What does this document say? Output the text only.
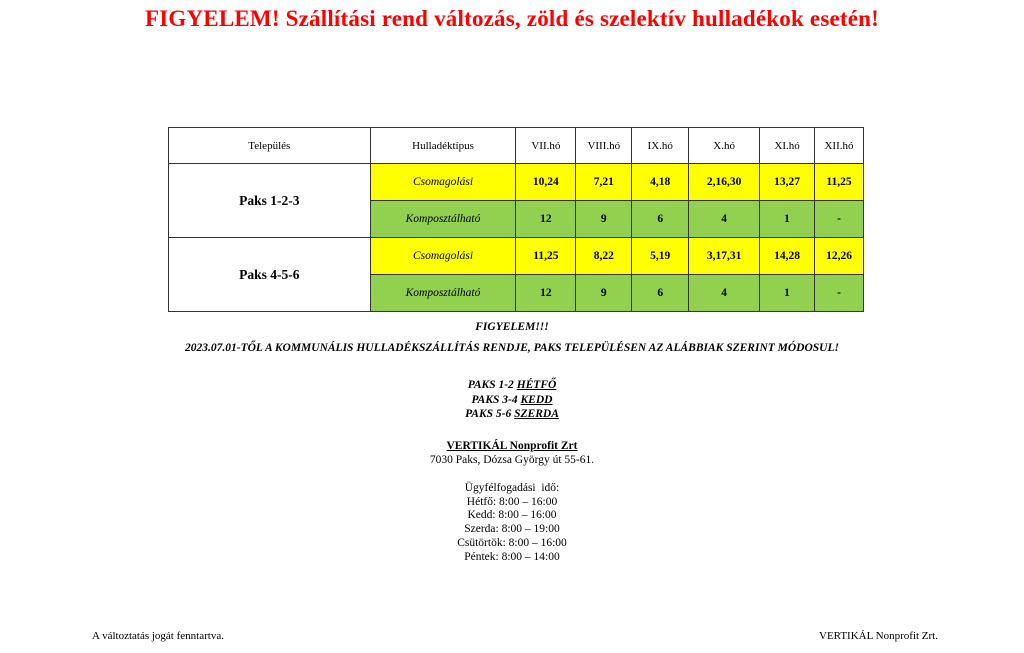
FIGYELEM! Szállítási rend változás, zöld és szelektív hulladékok esetén!
Település	Hulladéktípus	VII.hó	VIII.hó	IX.hó	X.hó	XI.hó	XII.hó
Paks 1-2-3	Csomagolási	10,24	7,21	4,18	2,16,30	13,27	11,25
	Komposztálható	12	9	6	4	1	-
Paks 4-5-6	Csomagolási	11,25	8,22	5,19	3,17,31	14,28	12,26
	Komposztálható	12	9	6	4	1	-
FIGYELEM!!!
2023.07.01-TŐL A KOMMUNÁLIS HULLADÉKSZÁLLÍTÁS RENDJE, PAKS TELEPÜLÉSEN AZ ALÁBBIAK SZERINT MÓDOSUL!
PAKS 1-2 HÉTFŐ
PAKS 3-4 KEDD
PAKS 5-6 SZERDA
VERTIKÁL Nonprofit Zrt
7030 Paks, Dózsa György út 55-61.
Ügyfélfogadási  idő:
Hétfő: 8:00 – 16:00
Kedd: 8:00 – 16:00
Szerda: 8:00 – 19:00
Csütörtök: 8:00 – 16:00
Péntek: 8:00 – 14:00
A változtatás jogát fenntartva.	VERTIKÁL Nonprofit Zrt.
